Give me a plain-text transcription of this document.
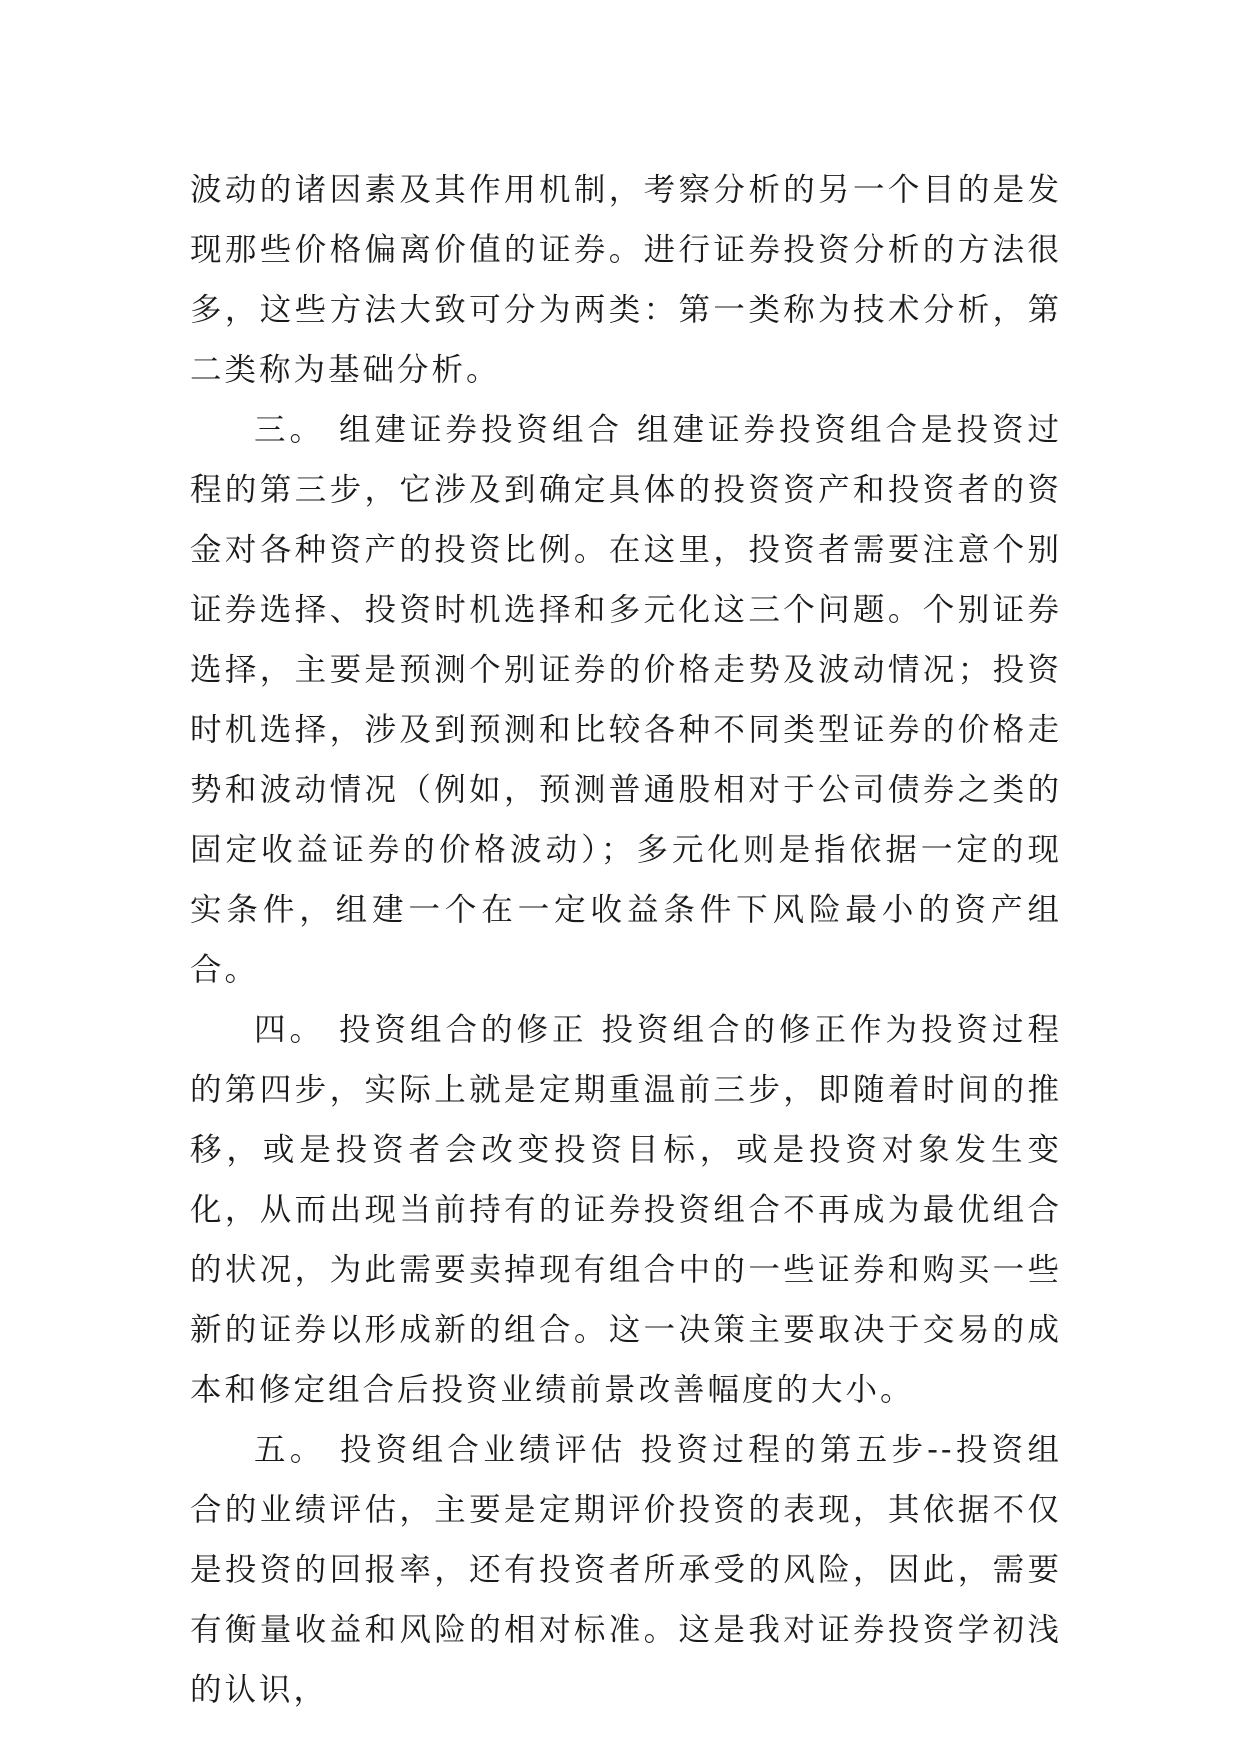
波动的诸因素及其作用机制，考察分析的另一个目的是发现那些价格偏离价值的证券。进行证券投资分析的方法很多，这些方法大致可分为两类：第一类称为技术分析，第二类称为基础分析。

三。 组建证券投资组合 组建证券投资组合是投资过程的第三步，它涉及到确定具体的投资资产和投资者的资金对各种资产的投资比例。在这里，投资者需要注意个别证券选择、投资时机选择和多元化这三个问题。个别证券选择，主要是预测个别证券的价格走势及波动情况；投资时机选择，涉及到预测和比较各种不同类型证券的价格走势和波动情况（例如，预测普通股相对于公司债券之类的固定收益证券的价格波动）；多元化则是指依据一定的现实条件，组建一个在一定收益条件下风险最小的资产组合。

四。 投资组合的修正 投资组合的修正作为投资过程的第四步，实际上就是定期重温前三步，即随着时间的推移，或是投资者会改变投资目标，或是投资对象发生变化，从而出现当前持有的证券投资组合不再成为最优组合的状况，为此需要卖掉现有组合中的一些证券和购买一些新的证券以形成新的组合。这一决策主要取决于交易的成本和修定组合后投资业绩前景改善幅度的大小。

五。 投资组合业绩评估 投资过程的第五步--投资组合的业绩评估，主要是定期评价投资的表现，其依据不仅是投资的回报率，还有投资者所承受的风险，因此，需要有衡量收益和风险的相对标准。这是我对证券投资学初浅的认识，
